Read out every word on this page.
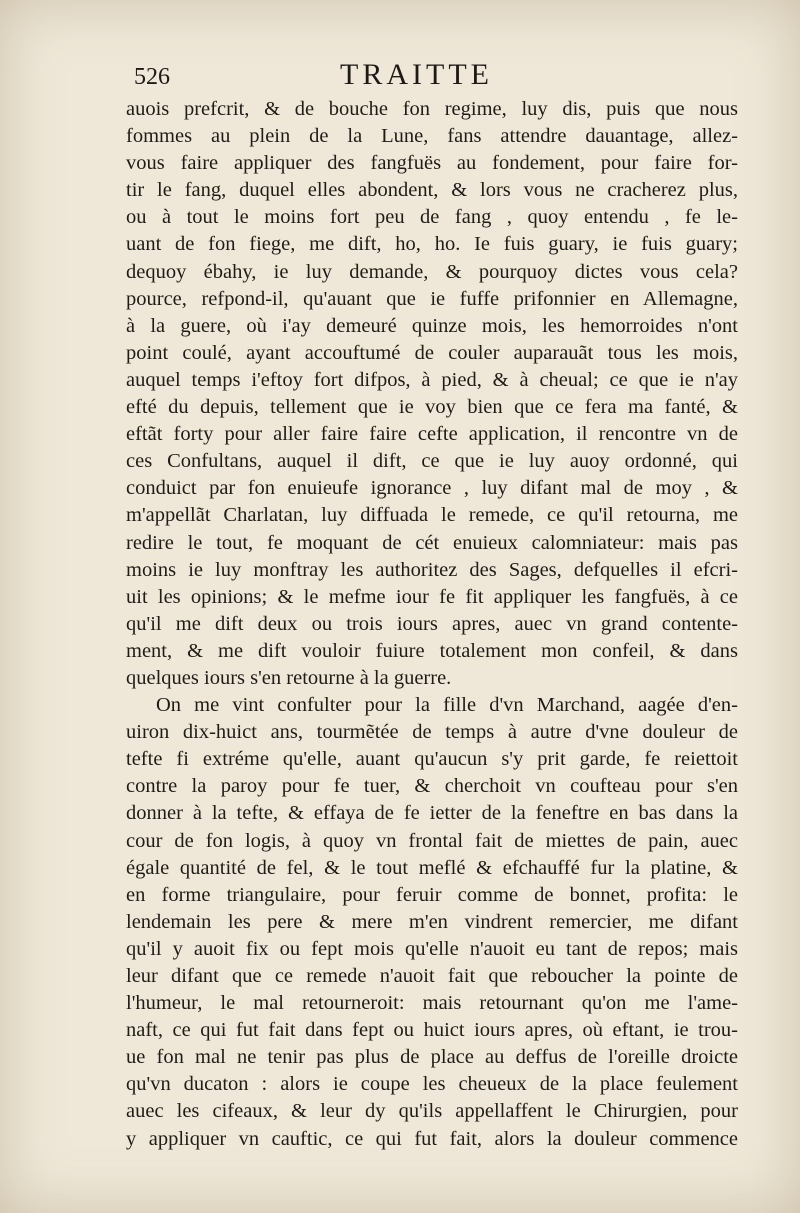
526	TRAITTE
auois prefcrit, & de bouche fon regime, luy dis, puis que nous
fommes au plein de la Lune, fans attendre dauantage, allez-
vous faire appliquer des fangfuës au fondement, pour faire for-
tir le fang, duquel elles abondent, & lors vous ne cracherez plus,
ou à tout le moins fort peu de fang , quoy entendu , fe le-
uant de fon fiege, me dift, ho, ho. Ie fuis guary, ie fuis guary;
dequoy ébahy, ie luy demande, & pourquoy dictes vous cela?
pource, refpond-il, qu'auant que ie fuffe prifonnier en Allemagne,
à la guere, où i'ay demeuré quinze mois, les hemorroides n'ont
point coulé, ayant accouftumé de couler auparauãt tous les mois,
auquel temps i'eftoy fort difpos, à pied, & à cheual; ce que ie n'ay
efté du depuis, tellement que ie voy bien que ce fera ma fanté, &
eftãt forty pour aller faire faire cefte application, il rencontre vn de
ces Confultans, auquel il dift, ce que ie luy auoy ordonné, qui
conduict par fon enuieufe ignorance , luy difant mal de moy , &
m'appellãt Charlatan, luy diffuada le remede, ce qu'il retourna, me
redire le tout, fe moquant de cét enuieux calomniateur: mais pas
moins ie luy monftray les authoritez des Sages, defquelles il efcri-
uit les opinions; & le mefme iour fe fit appliquer les fangfuës, à ce
qu'il me dift deux ou trois iours apres, auec vn grand contente-
ment, & me dift vouloir fuiure totalement mon confeil, & dans
quelques iours s'en retourne à la guerre.
On me vint confulter pour la fille d'vn Marchand, aagée d'en-
uiron dix-huict ans, tourmẽtée de temps à autre d'vne douleur de
tefte fi extréme qu'elle, auant qu'aucun s'y prit garde, fe reiettoit
contre la paroy pour fe tuer, & cherchoit vn coufteau pour s'en
donner à la tefte, & effaya de fe ietter de la feneftre en bas dans la
cour de fon logis, à quoy vn frontal fait de miettes de pain, auec
égale quantité de fel, & le tout meflé & efchauffé fur la platine, &
en forme triangulaire, pour feruir comme de bonnet, profita: le
lendemain les pere & mere m'en vindrent remercier, me difant
qu'il y auoit fix ou fept mois qu'elle n'auoit eu tant de repos; mais
leur difant que ce remede n'auoit fait que reboucher la pointe de
l'humeur, le mal retourneroit: mais retournant qu'on me l'ame-
naft, ce qui fut fait dans fept ou huict iours apres, où eftant, ie trou-
ue fon mal ne tenir pas plus de place au deffus de l'oreille droicte
qu'vn ducaton : alors ie coupe les cheueux de la place feulement
auec les cifeaux, & leur dy qu'ils appellaffent le Chirurgien, pour
y appliquer vn cauftic, ce qui fut fait, alors la douleur commence
